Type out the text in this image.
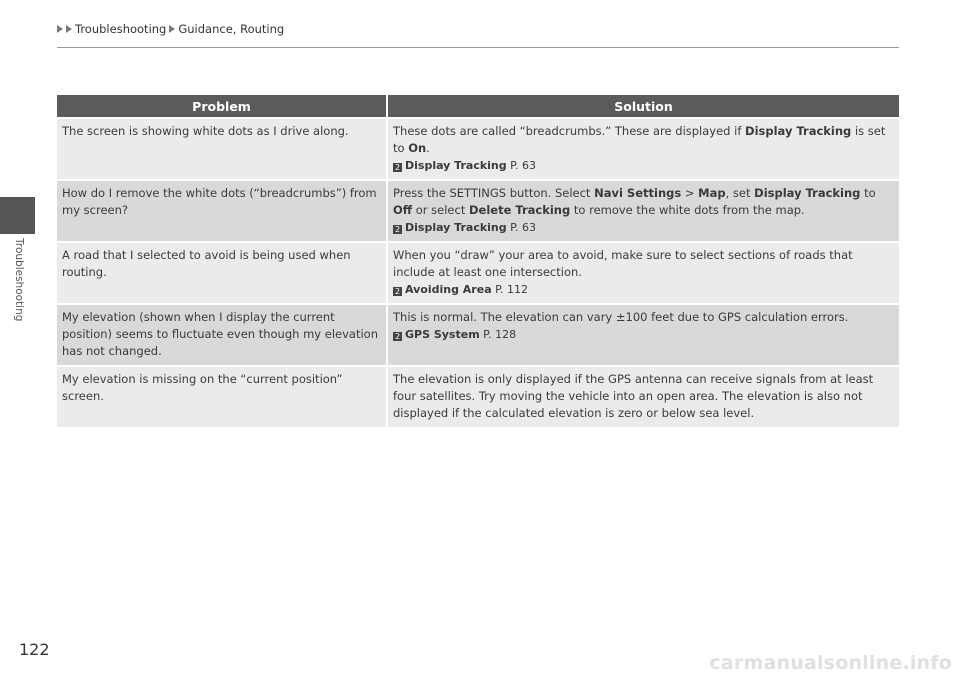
Troubleshooting Guidance, Routing
Troubleshooting
Problem	Solution
The screen is showing white dots as I drive along.	These dots are called “breadcrumbs.” These are displayed if Display Tracking is set to On.
2 Display Tracking P. 63

How do I remove the white dots (“breadcrumbs”) from my screen?	Press the SETTINGS button. Select Navi Settings > Map, set Display Tracking to Off or select Delete Tracking to remove the white dots from the map.
2 Display Tracking P. 63

A road that I selected to avoid is being used when routing.	When you “draw” your area to avoid, make sure to select sections of roads that include at least one intersection.
2 Avoiding Area P. 112

My elevation (shown when I display the current position) seems to fluctuate even though my elevation has not changed.	This is normal. The elevation can vary ±100 feet due to GPS calculation errors.
2 GPS System P. 128

My elevation is missing on the “current position” screen.	The elevation is only displayed if the GPS antenna can receive signals from at least four satellites. Try moving the vehicle into an open area. The elevation is also not displayed if the calculated elevation is zero or below sea level.
122
carmanualsonline.info
